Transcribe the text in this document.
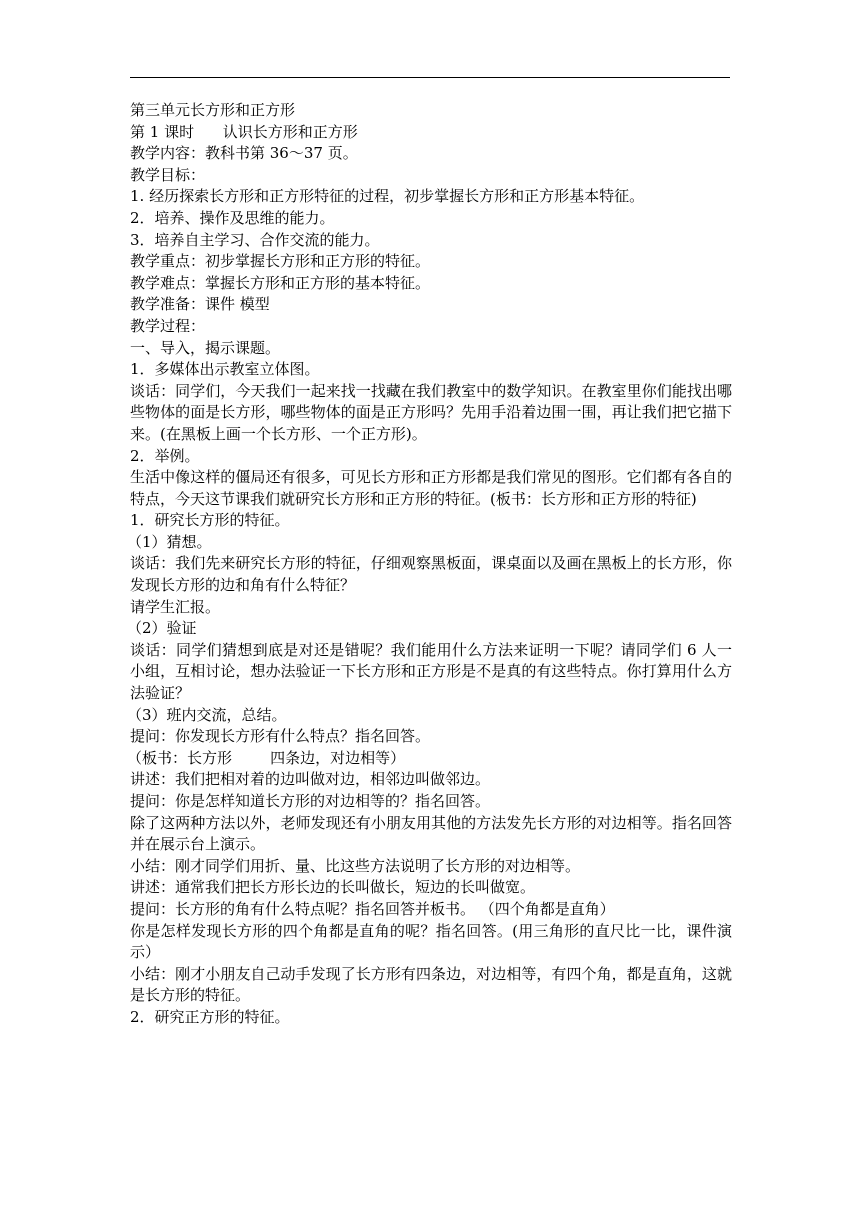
第三单元长方形和正方形

第 1 课时      认识长方形和正方形

教学内容：教科书第 36～37 页。

教学目标：

1. 经历探索长方形和正方形特征的过程，初步掌握长方形和正方形基本特征。

2．培养、操作及思维的能力。

3．培养自主学习、合作交流的能力。

教学重点：初步掌握长方形和正方形的特征。

教学难点：掌握长方形和正方形的基本特征。

教学准备：课件 模型

教学过程：

一、导入，揭示课题。

1．多媒体出示教室立体图。

谈话：同学们，今天我们一起来找一找藏在我们教室中的数学知识。在教室里你们能找出哪些物体的面是长方形，哪些物体的面是正方形吗？先用手沿着边围一围，再让我们把它描下来。(在黑板上画一个长方形、一个正方形)。

2．举例。

生活中像这样的僵局还有很多，可见长方形和正方形都是我们常见的图形。它们都有各自的特点，今天这节课我们就研究长方形和正方形的特征。(板书：长方形和正方形的特征)

1．研究长方形的特征。

（1）猜想。

谈话：我们先来研究长方形的特征，仔细观察黑板面，课桌面以及画在黑板上的长方形，你发现长方形的边和角有什么特征？

请学生汇报。

（2）验证

谈话：同学们猜想到底是对还是错呢？我们能用什么方法来证明一下呢？请同学们 6 人一小组，互相讨论，想办法验证一下长方形和正方形是不是真的有这些特点。你打算用什么方法验证？

（3）班内交流，总结。

提问：你发现长方形有什么特点？指名回答。

（板书：长方形        四条边，对边相等）

讲述：我们把相对着的边叫做对边，相邻边叫做邻边。

提问：你是怎样知道长方形的对边相等的？指名回答。

除了这两种方法以外，老师发现还有小朋友用其他的方法发先长方形的对边相等。指名回答并在展示台上演示。

小结：刚才同学们用折、量、比这些方法说明了长方形的对边相等。

讲述：通常我们把长方形长边的长叫做长，短边的长叫做宽。

提问：长方形的角有什么特点呢？指名回答并板书。 （四个角都是直角）

你是怎样发现长方形的四个角都是直角的呢？指名回答。(用三角形的直尺比一比，课件演示）

小结：刚才小朋友自己动手发现了长方形有四条边，对边相等，有四个角，都是直角，这就是长方形的特征。

2．研究正方形的特征。
